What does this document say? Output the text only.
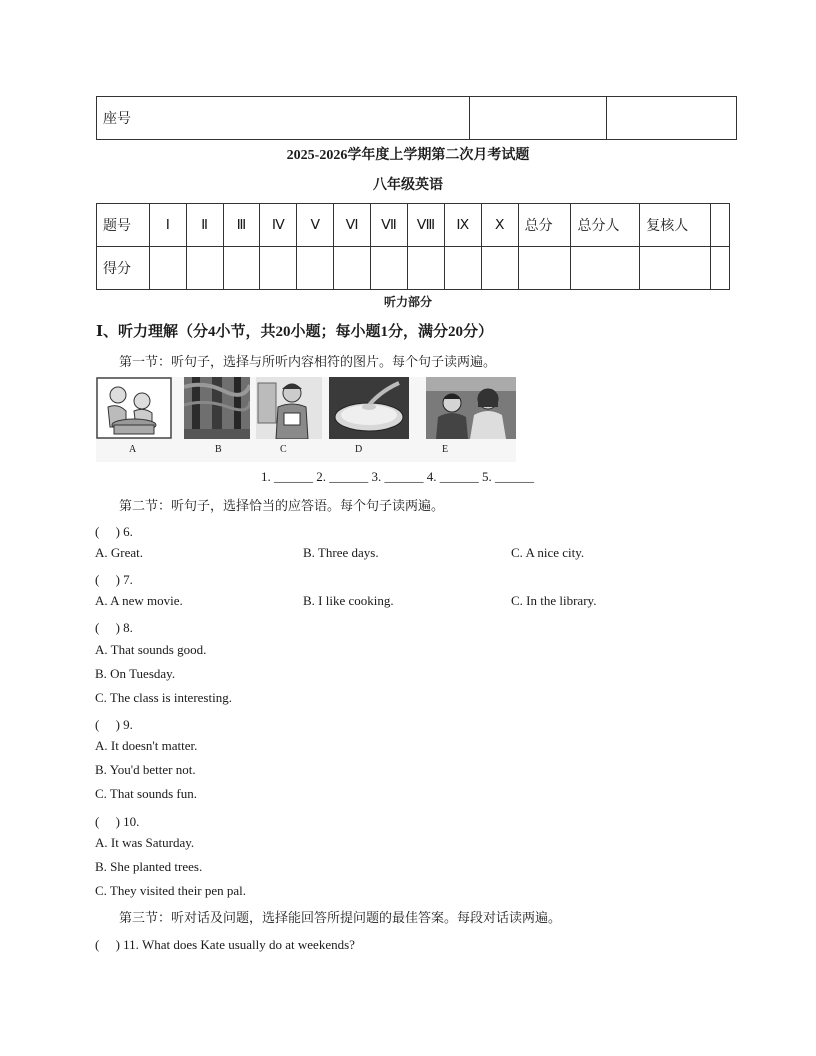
座号		
2025-2026学年度上学期第二次月考试题
八年级英语
题号	Ⅰ	Ⅱ	Ⅲ	Ⅳ	Ⅴ	Ⅵ	Ⅶ	Ⅷ	Ⅸ	Ⅹ	总分	总分人	复核人	
得分														
听力部分
Ⅰ、听力理解（分4小节，共20小题；每小题1分，满分20分）
第一节：听句子，选择与所听内容相符的图片。每个句子读两遍。
A	B	C	D	E
1. ______ 2. ______ 3. ______ 4. ______ 5. ______
第二节：听句子，选择恰当的应答语。每个句子读两遍。
(　 ) 6.
A. Great.	B. Three days.	C. A nice city.
(　 ) 7.
A. A new movie.	B. I like cooking.	C. In the library.
(　 ) 8.
A. That sounds good.
B. On Tuesday.
C. The class is interesting.
(　 ) 9.
A. It doesn't matter.
B. You'd better not.
C. That sounds fun.
(　 ) 10.
A. It was Saturday.
B. She planted trees.
C. They visited their pen pal.
第三节：听对话及问题，选择能回答所提问题的最佳答案。每段对话读两遍。
(　 ) 11. What does Kate usually do at weekends?
